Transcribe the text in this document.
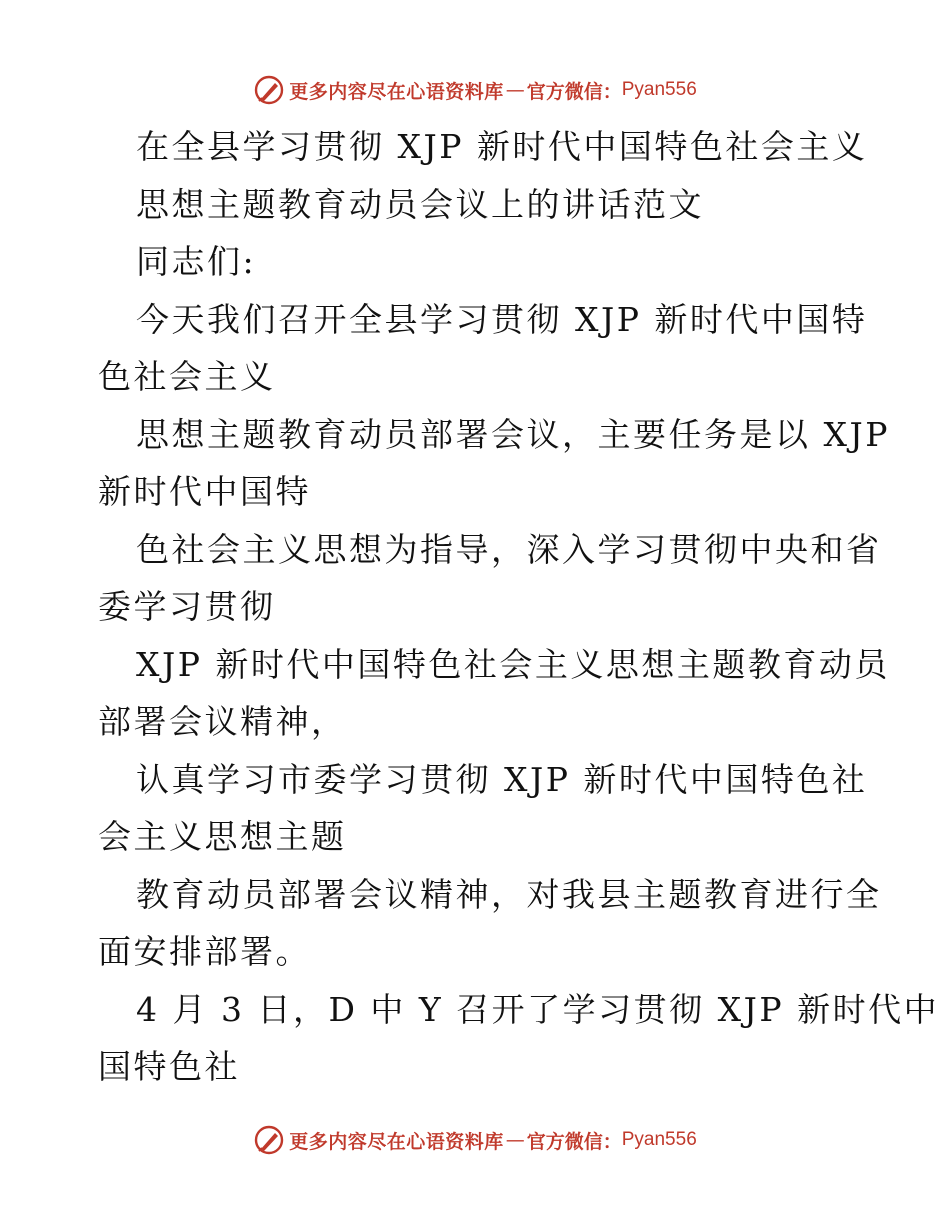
更多内容尽在心语资料库 — 官方微信： Pyan556
在全县学习贯彻 XJP 新时代中国特色社会主义
思想主题教育动员会议上的讲话范文
同志们:
今天我们召开全县学习贯彻 XJP 新时代中国特
色社会主义
思想主题教育动员部署会议，主要任务是以 XJP
新时代中国特
色社会主义思想为指导，深入学习贯彻中央和省
委学习贯彻
XJP 新时代中国特色社会主义思想主题教育动员
部署会议精神，
认真学习市委学习贯彻 XJP 新时代中国特色社
会主义思想主题
教育动员部署会议精神，对我县主题教育进行全
面安排部署。
4 月 3 日，D 中 Y 召开了学习贯彻 XJP 新时代中
国特色社
更多内容尽在心语资料库 — 官方微信： Pyan556
